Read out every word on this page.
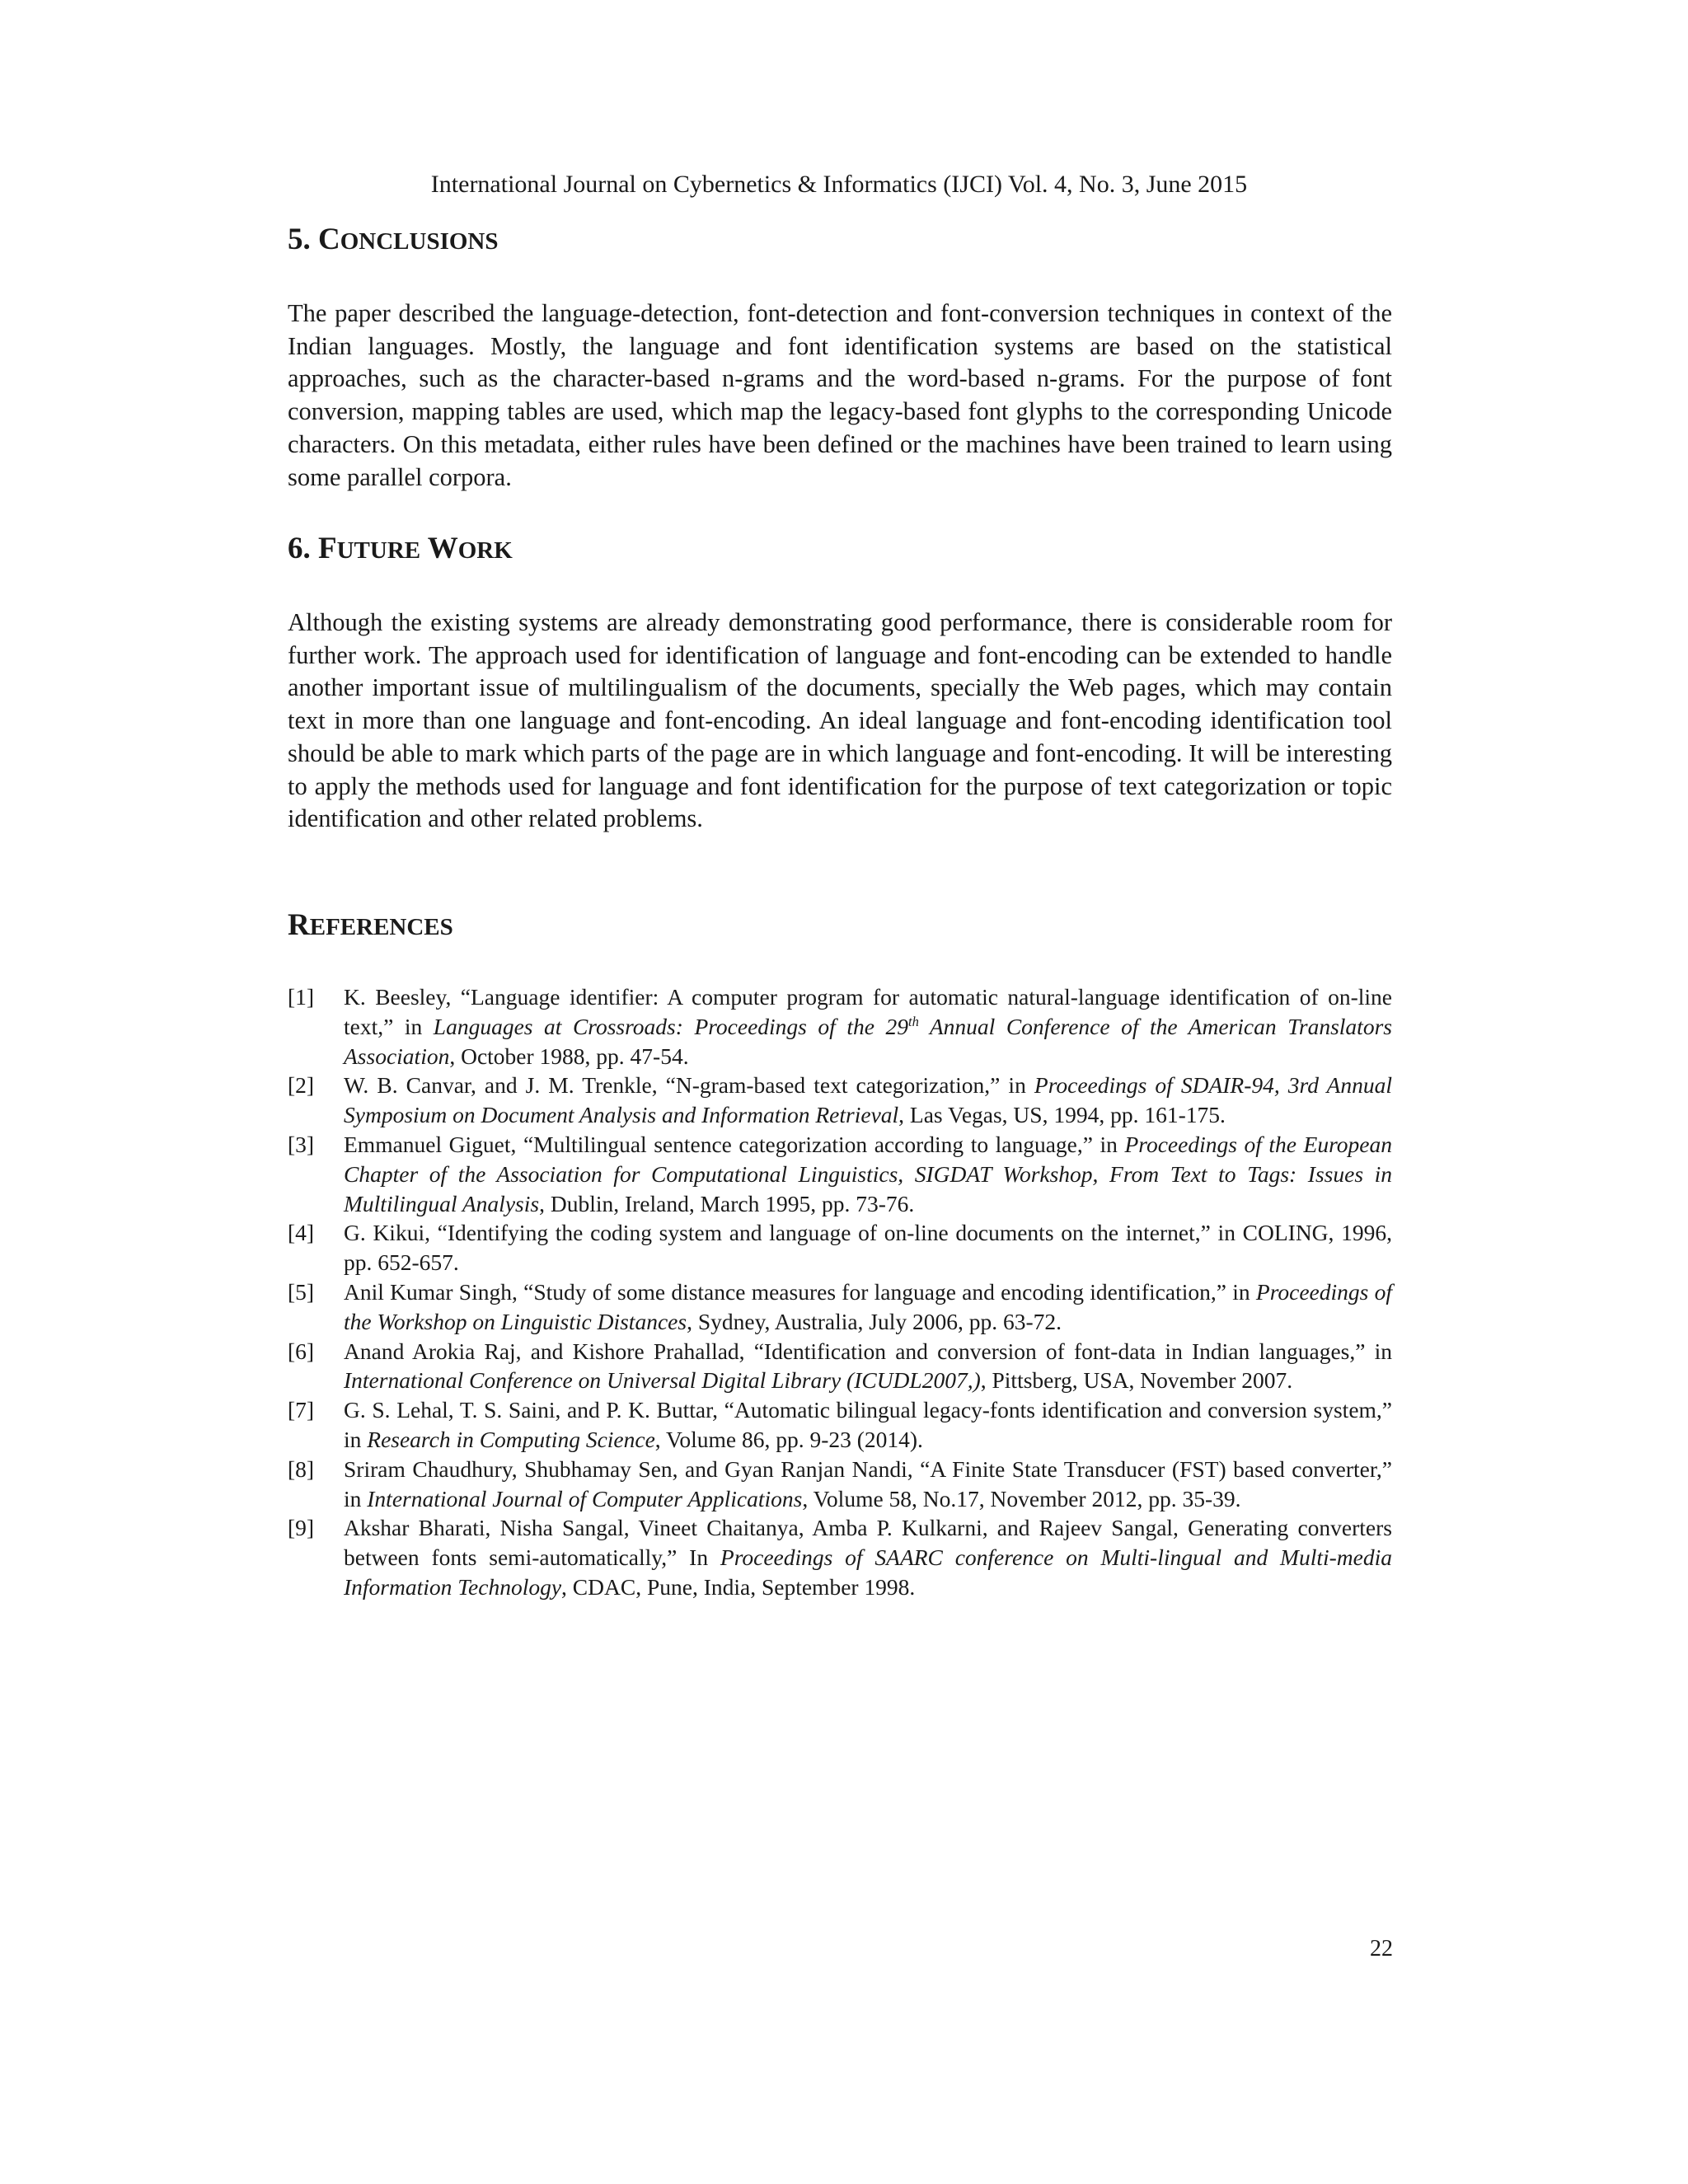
International Journal on Cybernetics & Informatics (IJCI) Vol. 4, No. 3, June 2015
5. CONCLUSIONS

The paper described the language-detection, font-detection and font-conversion techniques in context of the Indian languages. Mostly, the language and font identification systems are based on the statistical approaches, such as the character-based n-grams and the word-based n-grams. For the purpose of font conversion, mapping tables are used, which map the legacy-based font glyphs to the corresponding Unicode characters. On this metadata, either rules have been defined or the machines have been trained to learn using some parallel corpora.

6. FUTURE WORK

Although the existing systems are already demonstrating good performance, there is considerable room for further work. The approach used for identification of language and font-encoding can be extended to handle another important issue of multilingualism of the documents, specially the Web pages, which may contain text in more than one language and font-encoding. An ideal language and font-encoding identification tool should be able to mark which parts of the page are in which language and font-encoding. It will be interesting to apply the methods used for language and font identification for the purpose of text categorization or topic identification and other related problems.

REFERENCES
[1]	K. Beesley, “Language identifier: A computer program for automatic natural-language identification of on-line text,” in Languages at Crossroads: Proceedings of the 29th Annual Conference of the American Translators Association, October 1988, pp. 47-54.
[2]	W. B. Canvar, and J. M. Trenkle, “N-gram-based text categorization,” in Proceedings of SDAIR-94, 3rd Annual Symposium on Document Analysis and Information Retrieval, Las Vegas, US, 1994, pp. 161-175.
[3]	Emmanuel Giguet, “Multilingual sentence categorization according to language,” in Proceedings of the European Chapter of the Association for Computational Linguistics, SIGDAT Workshop, From Text to Tags: Issues in Multilingual Analysis, Dublin, Ireland, March 1995, pp. 73-76.
[4]	G. Kikui, “Identifying the coding system and language of on-line documents on the internet,” in COLING, 1996, pp. 652-657.
[5]	Anil Kumar Singh, “Study of some distance measures for language and encoding identification,” in Proceedings of the Workshop on Linguistic Distances, Sydney, Australia, July 2006, pp. 63-72.
[6]	Anand Arokia Raj, and Kishore Prahallad, “Identification and conversion of font-data in Indian languages,” in International Conference on Universal Digital Library (ICUDL2007,), Pittsberg, USA, November 2007.
[7]	G. S. Lehal, T. S. Saini, and P. K. Buttar, “Automatic bilingual legacy-fonts identification and conversion system,” in Research in Computing Science, Volume 86, pp. 9-23 (2014).
[8]	Sriram Chaudhury, Shubhamay Sen, and Gyan Ranjan Nandi, “A Finite State Transducer (FST) based converter,” in International Journal of Computer Applications, Volume 58, No.17, November 2012, pp. 35-39.
[9]	Akshar Bharati, Nisha Sangal, Vineet Chaitanya, Amba P. Kulkarni, and Rajeev Sangal, Generating converters between fonts semi-automatically,” In Proceedings of SAARC conference on Multi-lingual and Multi-media Information Technology, CDAC, Pune, India, September 1998.
22
